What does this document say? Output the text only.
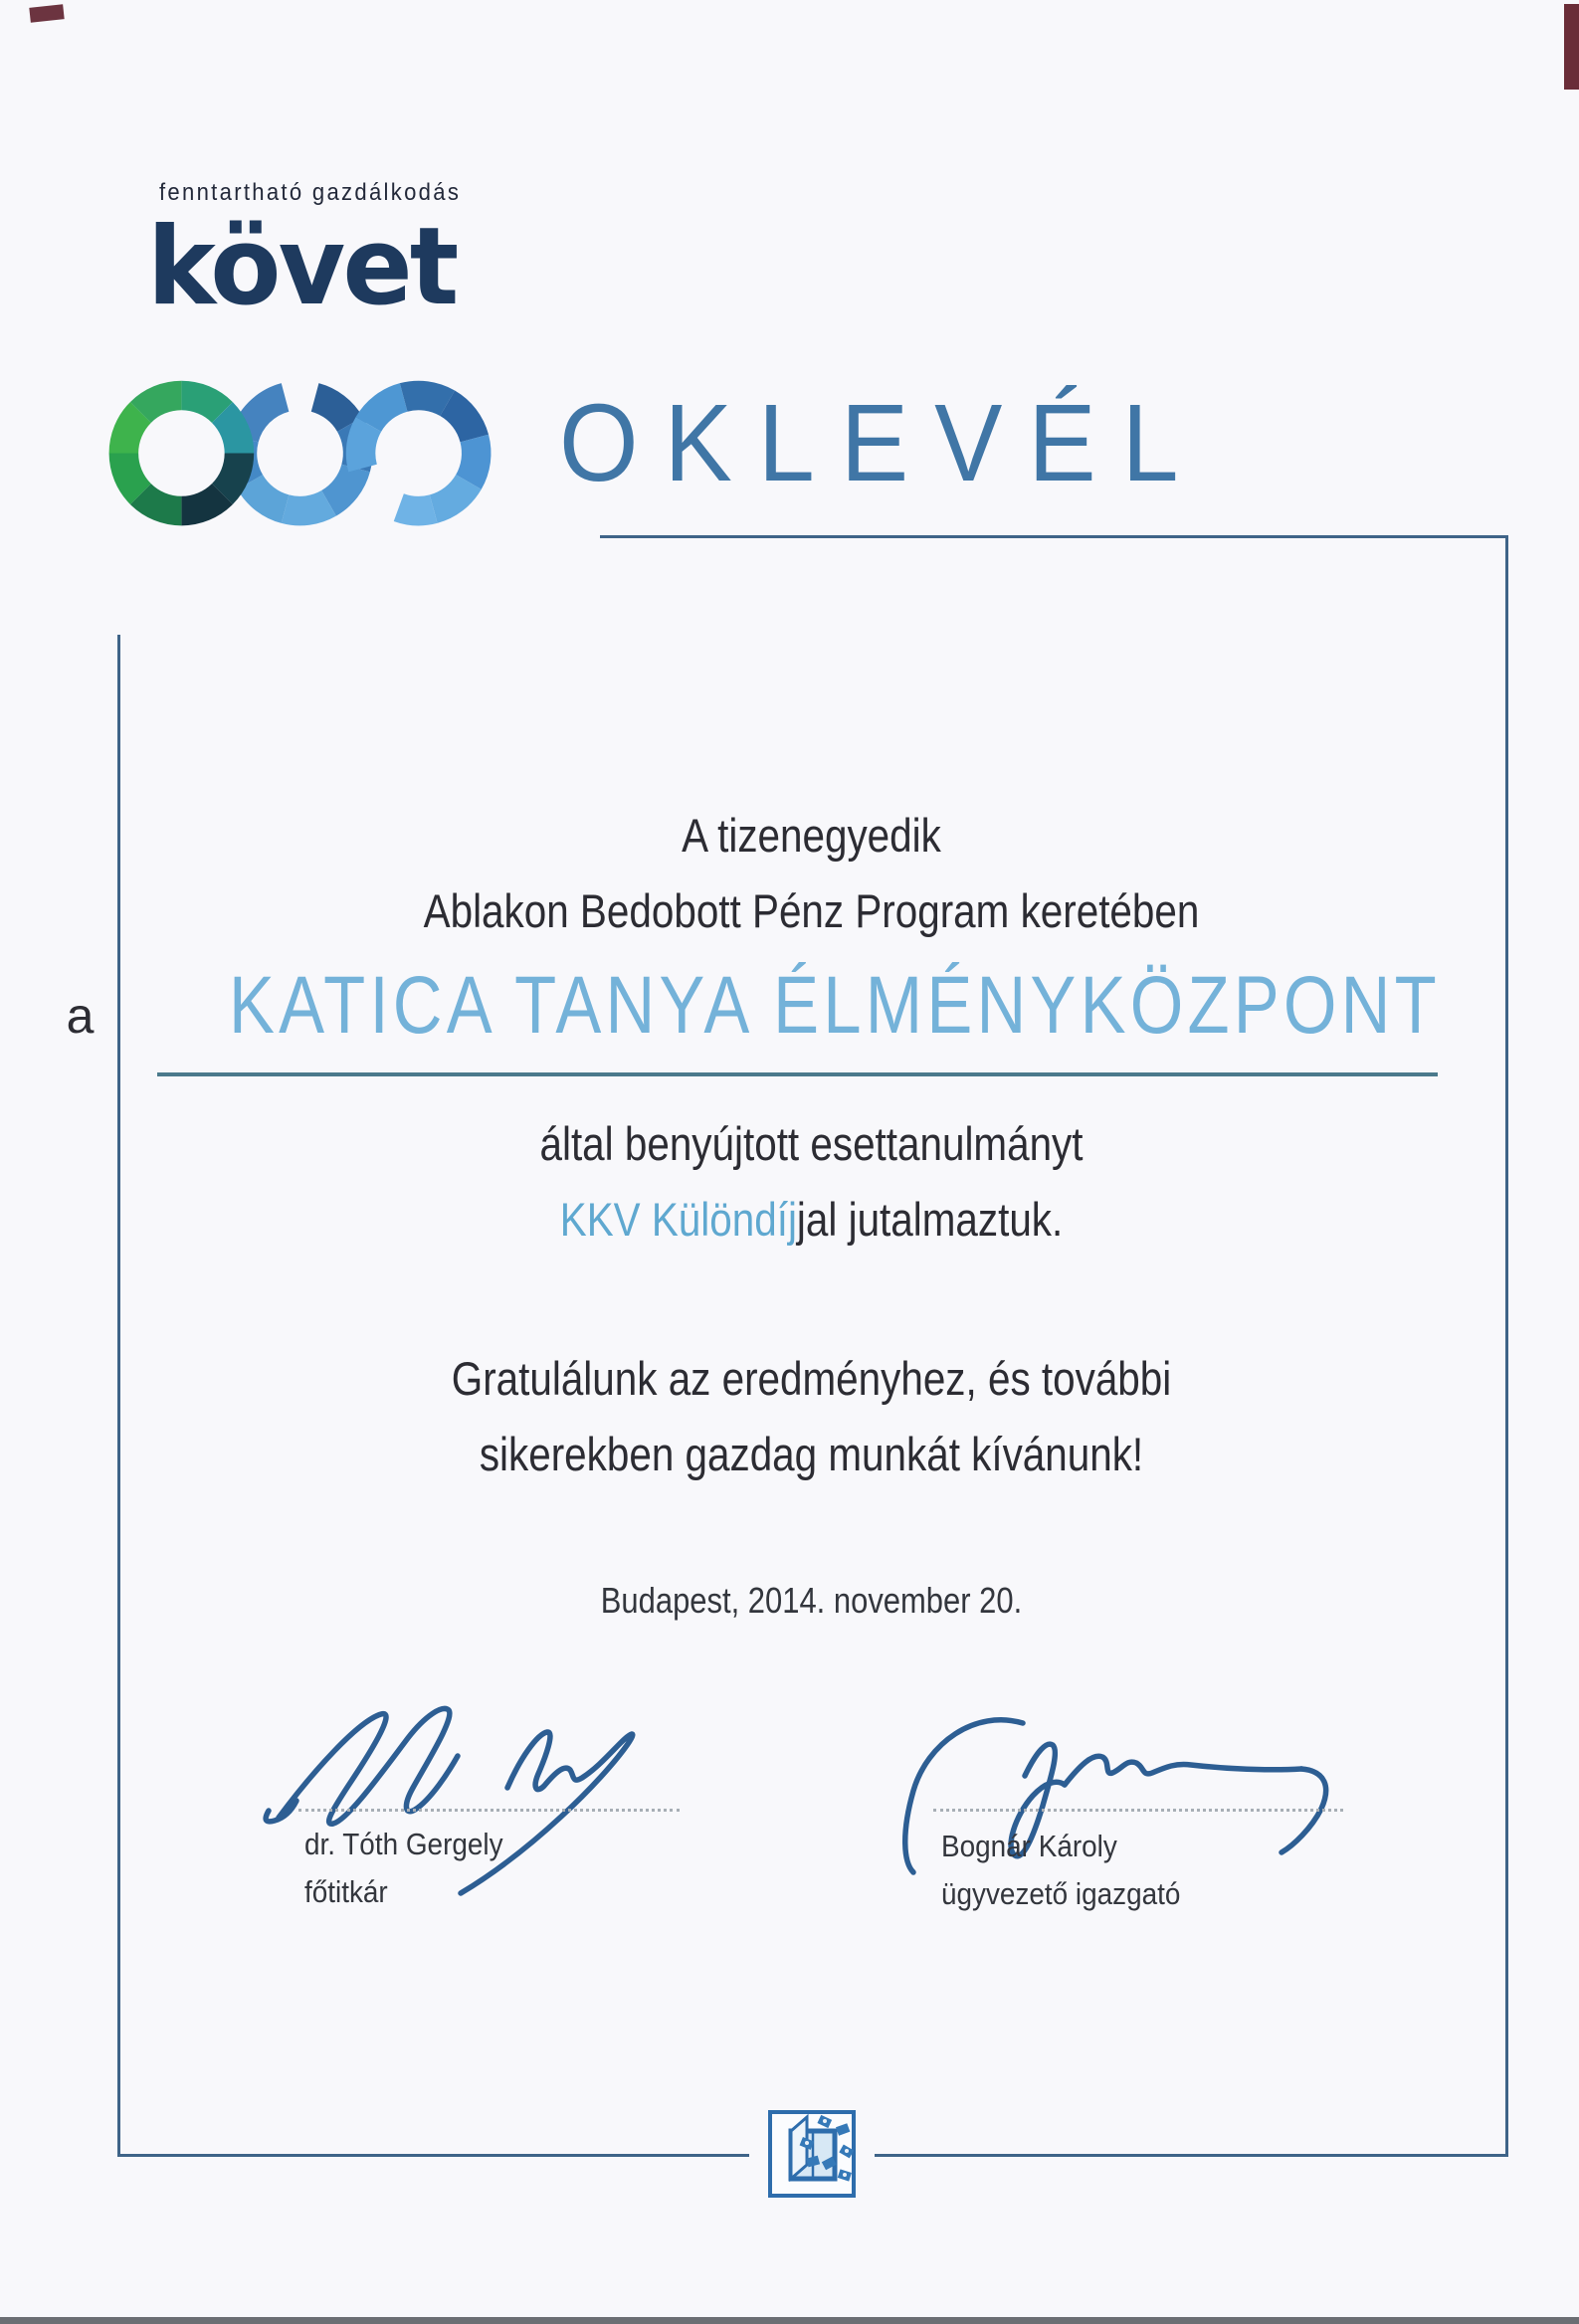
fenntartható gazdálkodás
követ
OKLEVÉL
A tizenegyedik
Ablakon Bedobott Pénz Program keretében
a KATICA TANYA ÉLMÉNYKÖZPONT
által benyújtott esettanulmányt
KKV Különdíjjal jutalmaztuk.
Gratulálunk az eredményhez, és további
sikerekben gazdag munkát kívánunk!
Budapest, 2014. november 20.
dr. Tóth Gergely
főtitkár
Bognár Károly
ügyvezető igazgató
